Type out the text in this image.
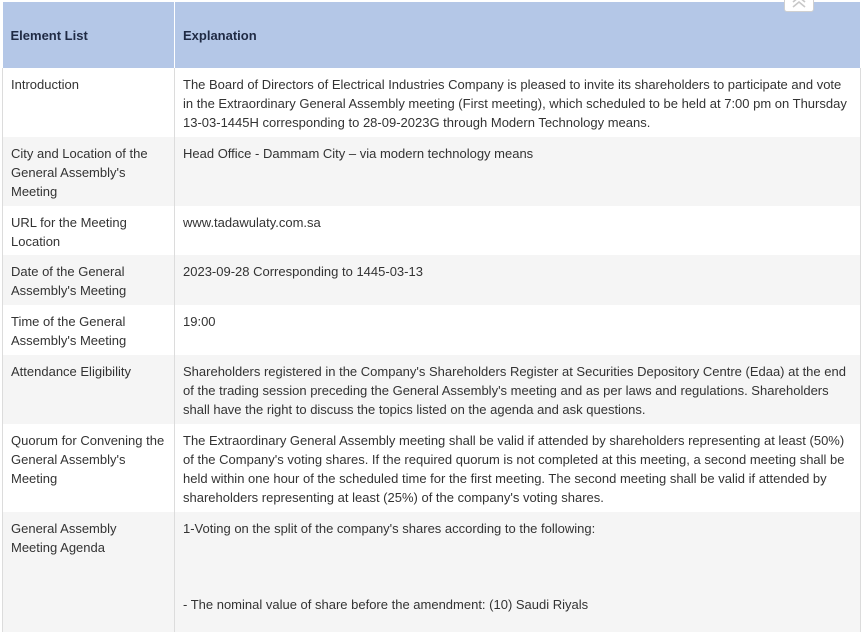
Element List	Explanation
Introduction	The Board of Directors of Electrical Industries Company is pleased to invite its shareholders to participate and vote in the Extraordinary General Assembly meeting (First meeting), which scheduled to be held at 7:00 pm on Thursday 13-03-1445H corresponding to 28-09-2023G through Modern Technology means.
City and Location of the General Assembly's Meeting	Head Office - Dammam City – via modern technology means
URL for the Meeting Location	www.tadawulaty.com.sa
Date of the General Assembly's Meeting	2023-09-28 Corresponding to 1445-03-13
Time of the General Assembly's Meeting	19:00
Attendance Eligibility	Shareholders registered in the Company's Shareholders Register at Securities Depository Centre (Edaa) at the end of the trading session preceding the General Assembly's meeting and as per laws and regulations. Shareholders shall have the right to discuss the topics listed on the agenda and ask questions.
Quorum for Convening the General Assembly's Meeting	The Extraordinary General Assembly meeting shall be valid if attended by shareholders representing at least (50%) of the Company's voting shares. If the required quorum is not completed at this meeting, a second meeting shall be held within one hour of the scheduled time for the first meeting. The second meeting shall be valid if attended by shareholders representing at least (25%) of the company's voting shares.
General Assembly Meeting Agenda	1-Voting on the split of the company's shares according to the following:
- The nominal value of share before the amendment: (10) Saudi Riyals
